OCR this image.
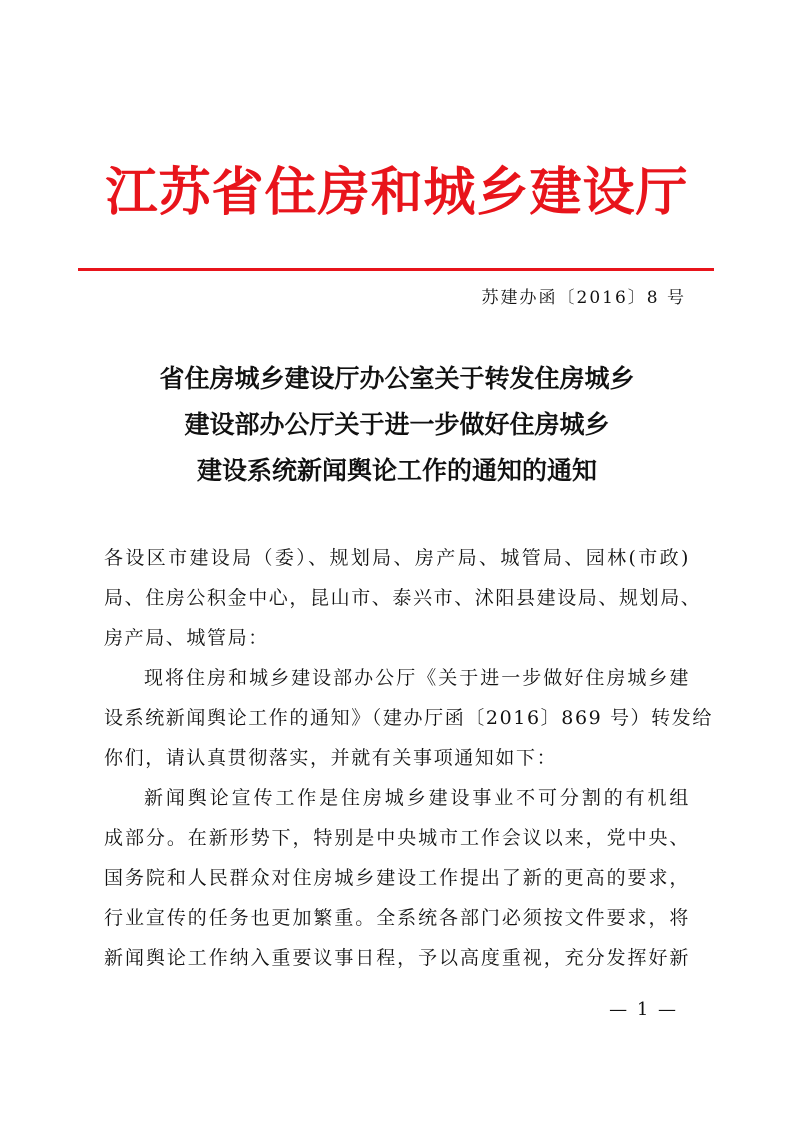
江苏省住房和城乡建设厅
苏建办函〔2016〕8 号
省住房城乡建设厅办公室关于转发住房城乡
建设部办公厅关于进一步做好住房城乡
建设系统新闻舆论工作的通知的通知
各设区市建设局（委）、规划局、房产局、城管局、园林(市政)
局、住房公积金中心，昆山市、泰兴市、沭阳县建设局、规划局、
房产局、城管局：
现将住房和城乡建设部办公厅《关于进一步做好住房城乡建
设系统新闻舆论工作的通知》（建办厅函〔2016〕869 号）转发给
你们，请认真贯彻落实，并就有关事项通知如下：
新闻舆论宣传工作是住房城乡建设事业不可分割的有机组
成部分。在新形势下，特别是中央城市工作会议以来，党中央、
国务院和人民群众对住房城乡建设工作提出了新的更高的要求，
行业宣传的任务也更加繁重。全系统各部门必须按文件要求，将
新闻舆论工作纳入重要议事日程，予以高度重视，充分发挥好新
— 1 —
